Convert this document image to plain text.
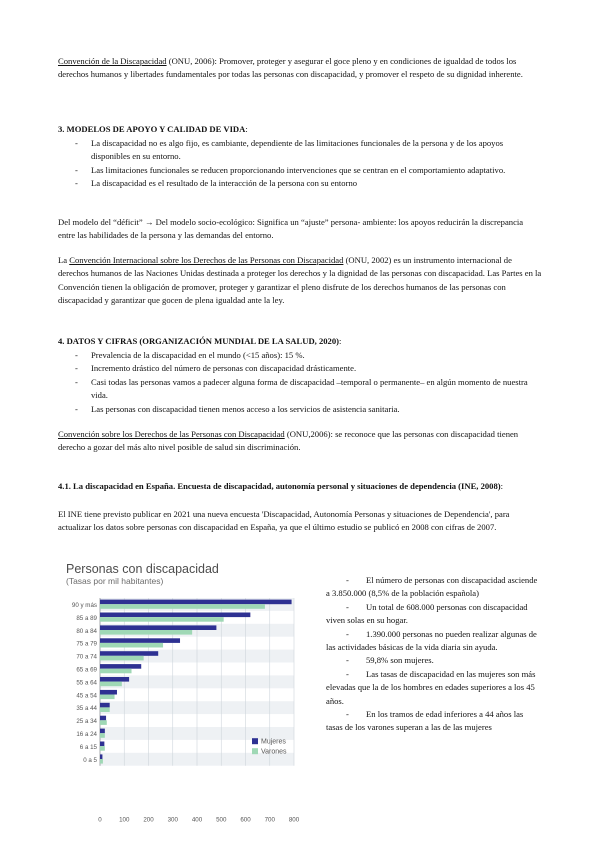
Convención de la Discapacidad (ONU, 2006): Promover, proteger y asegurar el goce pleno y en condiciones de igualdad de todos los derechos humanos y libertades fundamentales por todas las personas con discapacidad, y promover el respeto de su dignidad inherente.
3. MODELOS DE APOYO Y CALIDAD DE VIDA:
- La discapacidad no es algo fijo, es cambiante, dependiente de las limitaciones funcionales de la persona y de los apoyos disponibles en su entorno.
- Las limitaciones funcionales se reducen proporcionando intervenciones que se centran en el comportamiento adaptativo.
- La discapacidad es el resultado de la interacción de la persona con su entorno
Del modelo del “déficit” → Del modelo socio-ecológico: Significa un “ajuste” persona- ambiente: los apoyos reducirán la discrepancia entre las habilidades de la persona y las demandas del entorno.
La Convención Internacional sobre los Derechos de las Personas con Discapacidad (ONU, 2002) es un instrumento internacional de derechos humanos de las Naciones Unidas destinada a proteger los derechos y la dignidad de las personas con discapacidad. Las Partes en la Convención tienen la obligación de promover, proteger y garantizar el pleno disfrute de los derechos humanos de las personas con discapacidad y garantizar que gocen de plena igualdad ante la ley.
4. DATOS Y CIFRAS (ORGANIZACIÓN MUNDIAL DE LA SALUD, 2020):
- Prevalencia de la discapacidad en el mundo (<15 años): 15 %.
- Incremento drástico del número de personas con discapacidad drásticamente.
- Casi todas las personas vamos a padecer alguna forma de discapacidad –temporal o permanente– en algún momento de nuestra vida.
- Las personas con discapacidad tienen menos acceso a los servicios de asistencia sanitaria.
Convención sobre los Derechos de las Personas con Discapacidad (ONU,2006): se reconoce que las personas con discapacidad tienen derecho a gozar del más alto nivel posible de salud sin discriminación.
4.1. La discapacidad en España. Encuesta de discapacidad, autonomía personal y situaciones de dependencia (INE, 2008):
El INE tiene previsto publicar en 2021 una nueva encuesta 'Discapacidad, Autonomía Personas y situaciones de Dependencia', para actualizar los datos sobre personas con discapacidad en España, ya que el último estudio se publicó en 2008 con cifras de 2007.
Personas con discapacidad
(Tasas por mil habitantes)
90 y más
85 a 89
80 a 84
75 a 79
70 a 74
65 a 69
55 a 64
45 a 54
35 a 44
25 a 34
16 a 24
6 a 15
0 a 5
0	100 200 300 400 500 600 700 800
Mujeres
Varones
- El número de personas con discapacidad asciende a 3.850.000 (8,5% de la población española)
- Un total de 608.000 personas con discapacidad viven solas en su hogar.
- 1.390.000 personas no pueden realizar algunas de las actividades básicas de la vida diaria sin ayuda.
- 59,8% son mujeres.
- Las tasas de discapacidad en las mujeres son más elevadas que la de los hombres en edades superiores a los 45 años.
- En los tramos de edad inferiores a 44 años las tasas de los varones superan a las de las mujeres
